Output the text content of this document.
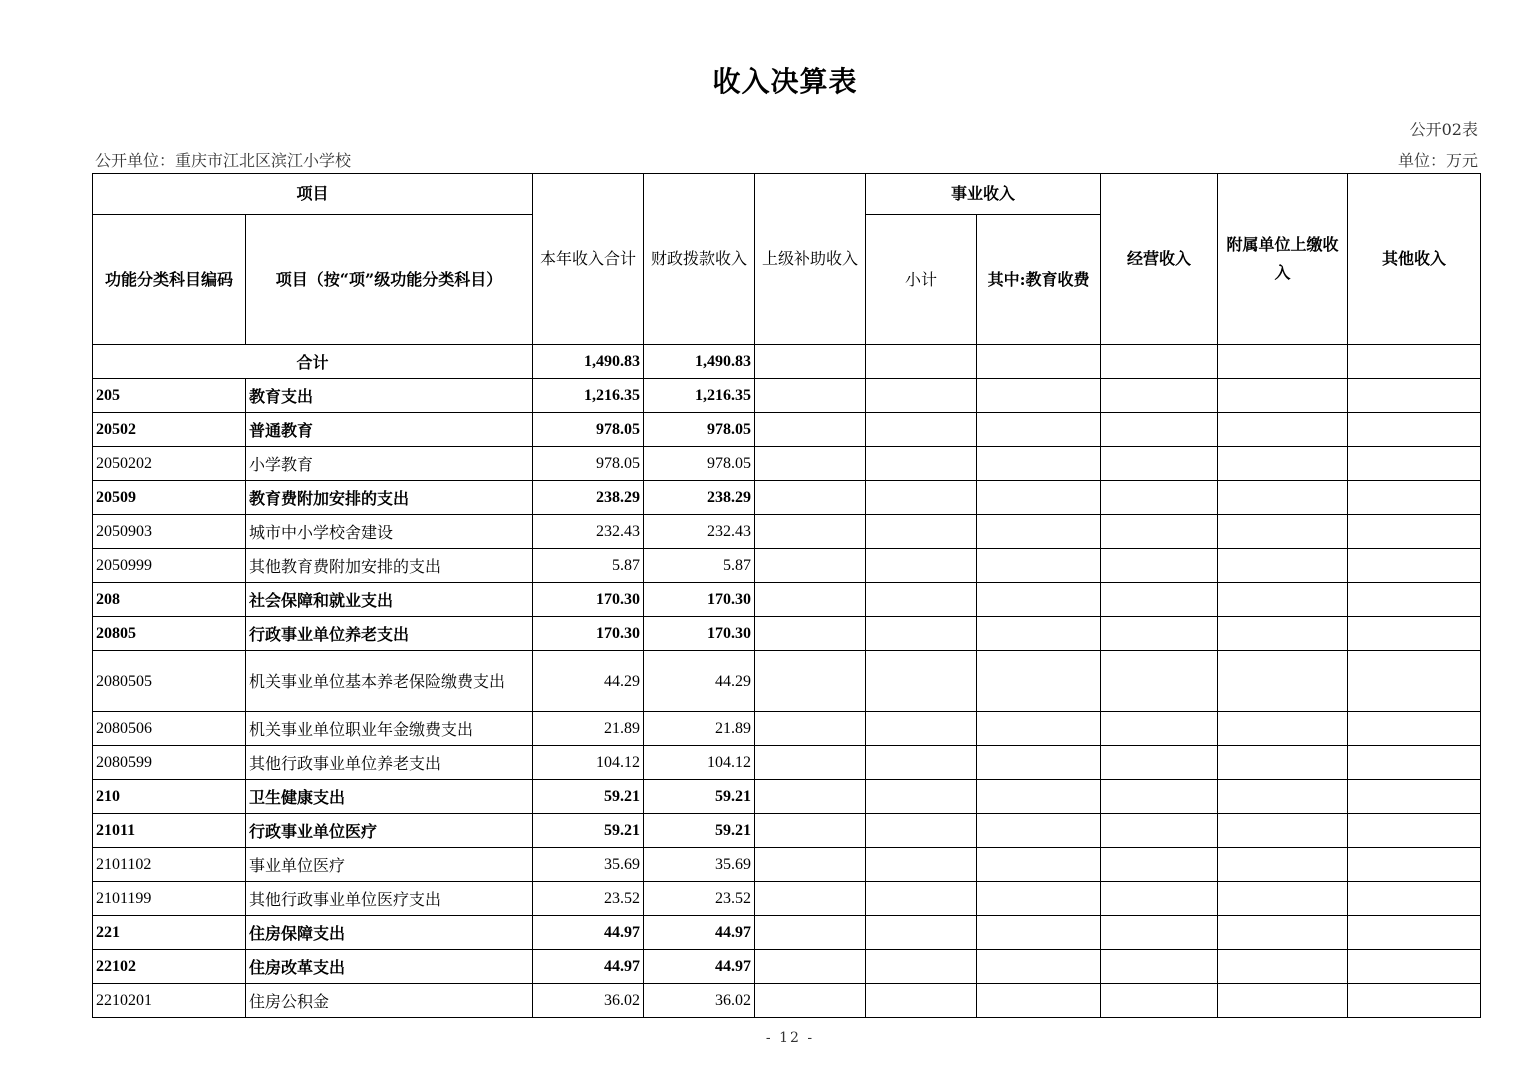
收入决算表
公开02表
公开单位：重庆市江北区滨江小学校	单位：万元
项目		本年收入合计	财政拨款收入	上级补助收入	事业收入		经营收入	附属单位上缴收入	其他收入
功能分类科目编码	项目（按“项”级功能分类科目）				小计	其中:教育收费			
合计		1,490.83	1,490.83						
205	教育支出	1,216.35	1,216.35						
20502	普通教育	978.05	978.05						
2050202	小学教育	978.05	978.05						
20509	教育费附加安排的支出	238.29	238.29						
2050903	城市中小学校舍建设	232.43	232.43						
2050999	其他教育费附加安排的支出	5.87	5.87						
208	社会保障和就业支出	170.30	170.30						
20805	行政事业单位养老支出	170.30	170.30						
2080505	机关事业单位基本养老保险缴费支出	44.29	44.29						
2080506	机关事业单位职业年金缴费支出	21.89	21.89						
2080599	其他行政事业单位养老支出	104.12	104.12						
210	卫生健康支出	59.21	59.21						
21011	行政事业单位医疗	59.21	59.21						
2101102	事业单位医疗	35.69	35.69						
2101199	其他行政事业单位医疗支出	23.52	23.52						
221	住房保障支出	44.97	44.97						
22102	住房改革支出	44.97	44.97						
2210201	住房公积金	36.02	36.02						
- 12 -
